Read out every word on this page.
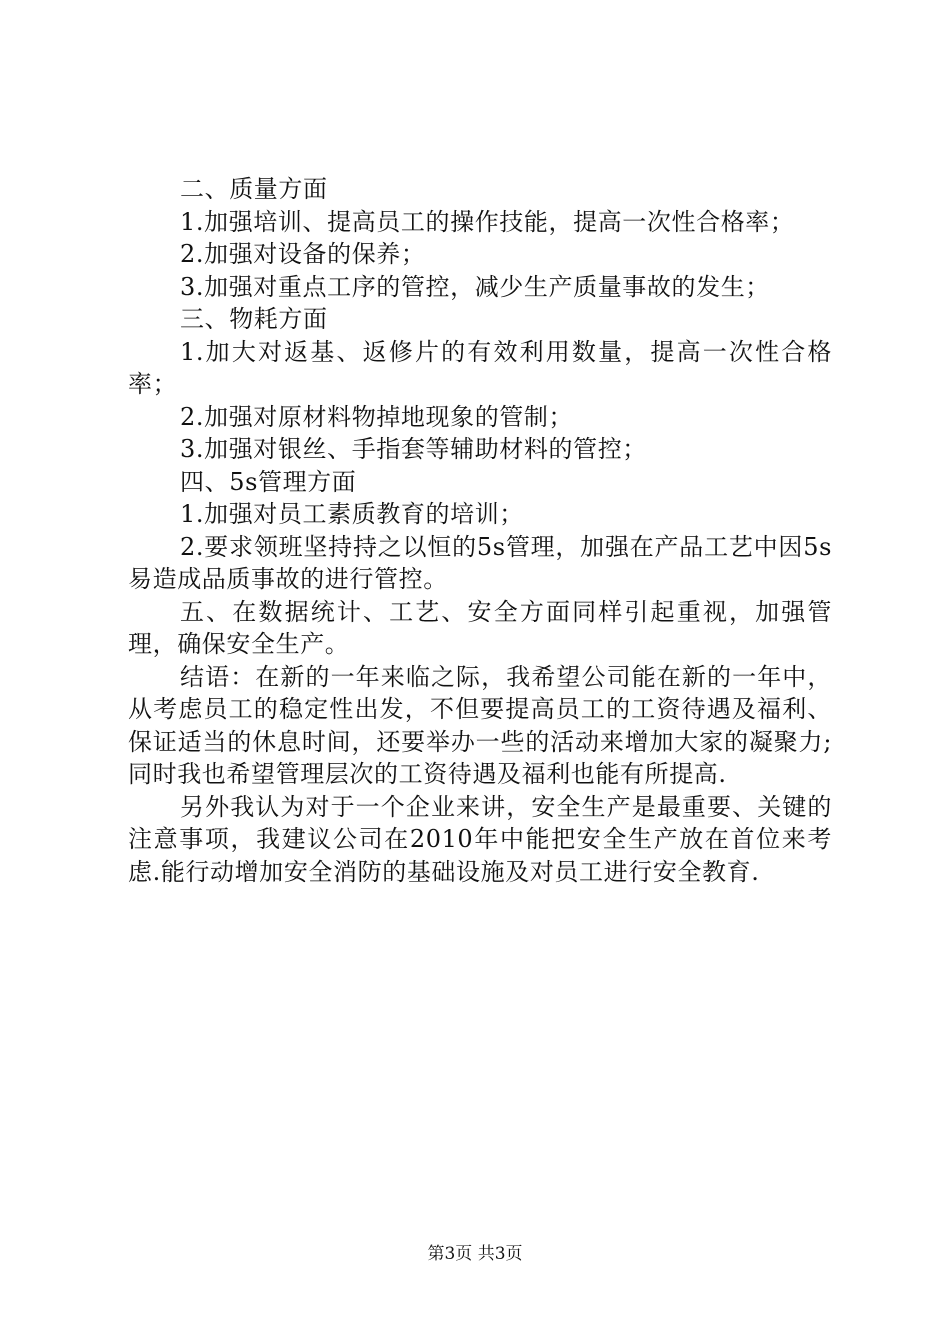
二、质量方面

1.加强培训、提高员工的操作技能，提高一次性合格率；

2.加强对设备的保养；

3.加强对重点工序的管控，减少生产质量事故的发生；

三、物耗方面

1.加大对返基、返修片的有效利用数量，提高一次性合格率；

2.加强对原材料物掉地现象的管制；

3.加强对银丝、手指套等辅助材料的管控；

四、5s管理方面

1.加强对员工素质教育的培训；

2.要求领班坚持持之以恒的5s管理，加强在产品工艺中因5s易造成品质事故的进行管控。

五、在数据统计、工艺、安全方面同样引起重视，加强管理，确保安全生产。

结语：在新的一年来临之际，我希望公司能在新的一年中，从考虑员工的稳定性出发，不但要提高员工的工资待遇及福利、保证适当的休息时间，还要举办一些的活动来增加大家的凝聚力;同时我也希望管理层次的工资待遇及福利也能有所提高.

另外我认为对于一个企业来讲，安全生产是最重要、关键的注意事项，我建议公司在2010年中能把安全生产放在首位来考虑.能行动增加安全消防的基础设施及对员工进行安全教育.

第3页 共3页
